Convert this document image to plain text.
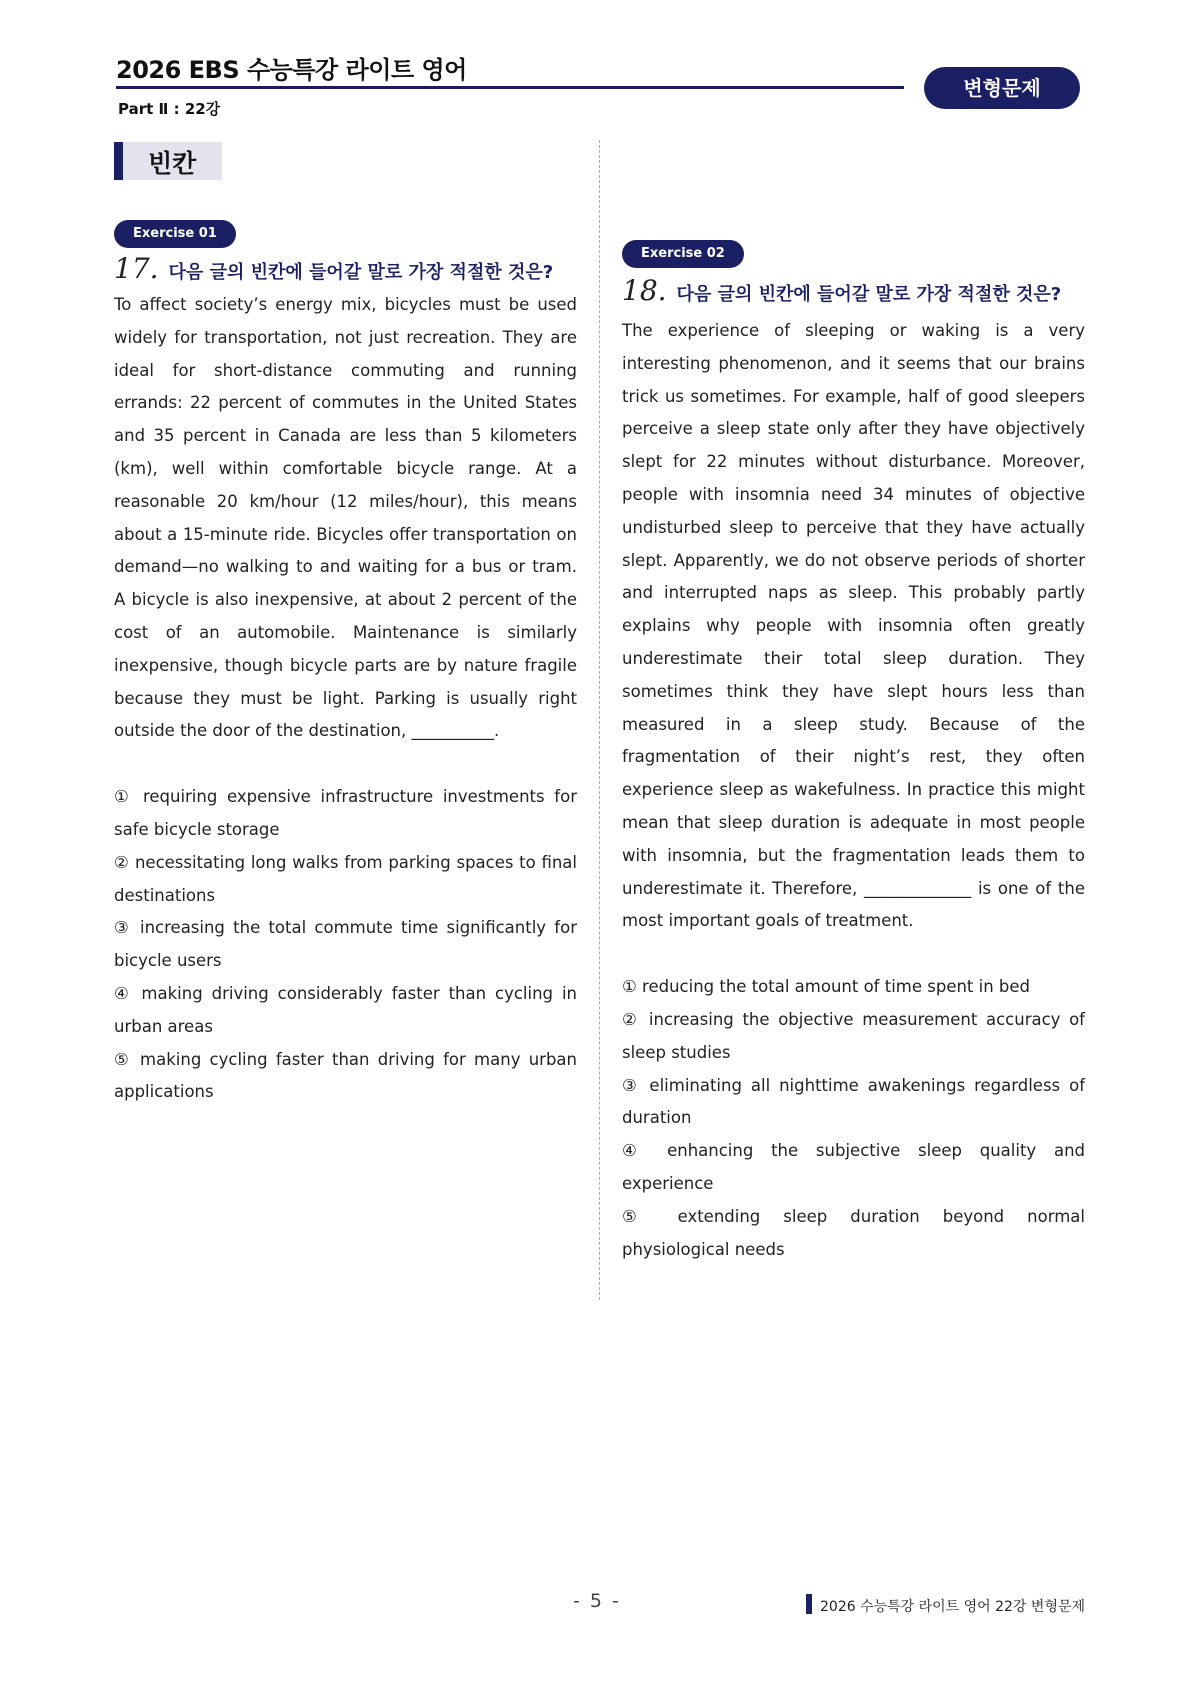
2026 EBS 수능특강 라이트 영어
Part Ⅱ : 22강
변형문제
빈칸
Exercise 01
17. 다음 글의 빈칸에 들어갈 말로 가장 적절한 것은?

To affect society’s energy mix, bicycles must be used widely for transportation, not just recreation. They are ideal for short-distance commuting and running errands: 22 percent of commutes in the United States and 35 percent in Canada are less than 5 kilometers (km), well within comfortable bicycle range. At a reasonable 20 km/hour (12 miles/hour), this means about a 15-minute ride. Bicycles offer transportation on demand—no walking to and waiting for a bus or tram. A bicycle is also inexpensive, at about 2 percent of the cost of an automobile. Maintenance is similarly inexpensive, though bicycle parts are by nature fragile because they must be light. Parking is usually right outside the door of the destination, __________.

① requiring expensive infrastructure investments for safe bicycle storage
② necessitating long walks from parking spaces to final destinations
③ increasing the total commute time significantly for bicycle users
④ making driving considerably faster than cycling in urban areas
⑤ making cycling faster than driving for many urban applications
Exercise 02
18. 다음 글의 빈칸에 들어갈 말로 가장 적절한 것은?

The experience of sleeping or waking is a very interesting phenomenon, and it seems that our brains trick us sometimes. For example, half of good sleepers perceive a sleep state only after they have objectively slept for 22 minutes without disturbance. Moreover, people with insomnia need 34 minutes of objective undisturbed sleep to perceive that they have actually slept. Apparently, we do not observe periods of shorter and interrupted naps as sleep. This probably partly explains why people with insomnia often greatly underestimate their total sleep duration. They sometimes think they have slept hours less than measured in a sleep study. Because of the fragmentation of their night’s rest, they often experience sleep as wakefulness. In practice this might mean that sleep duration is adequate in most people with insomnia, but the fragmentation leads them to underestimate it. Therefore, _____________ is one of the most important goals of treatment.

① reducing the total amount of time spent in bed
② increasing the objective measurement accuracy of sleep studies
③ eliminating all nighttime awakenings regardless of duration
④ enhancing the subjective sleep quality and experience
⑤ extending sleep duration beyond normal physiological needs
- 5 -	2026 수능특강 라이트 영어 22강 변형문제
